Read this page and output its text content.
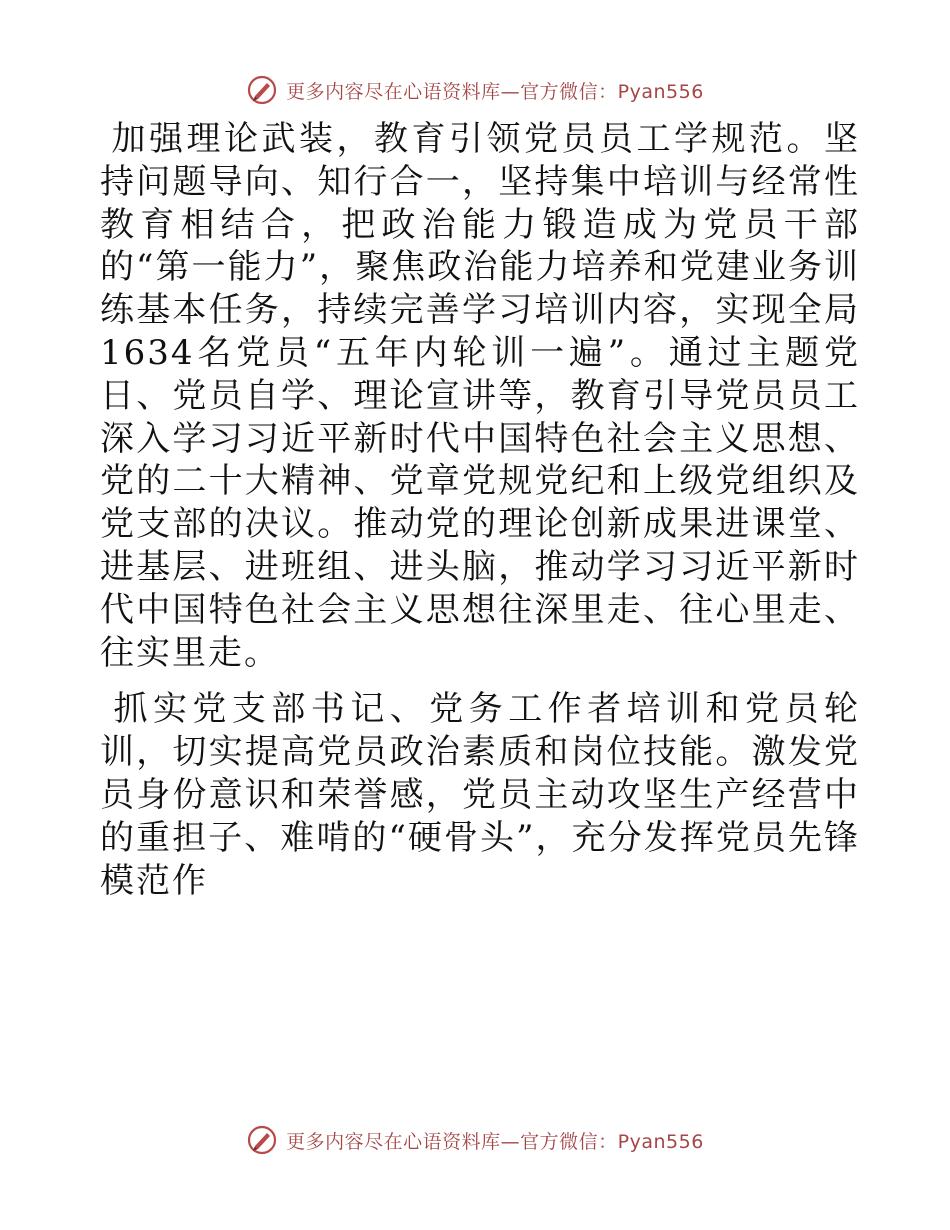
更多内容尽在心语资料库—官方微信：Pyan556

加强理论武装，教育引领党员员工学规范。坚持问题导向、知行合一，坚持集中培训与经常性教育相结合，把政治能力锻造成为党员干部的“第一能力”，聚焦政治能力培养和党建业务训练基本任务，持续完善学习培训内容，实现全局1634名党员“五年内轮训一遍”。通过主题党日、党员自学、理论宣讲等，教育引导党员员工深入学习习近平新时代中国特色社会主义思想、党的二十大精神、党章党规党纪和上级党组织及党支部的决议。推动党的理论创新成果进课堂、进基层、进班组、进头脑，推动学习习近平新时代中国特色社会主义思想往深里走、往心里走、往实里走。

抓实党支部书记、党务工作者培训和党员轮训，切实提高党员政治素质和岗位技能。激发党员身份意识和荣誉感，党员主动攻坚生产经营中的重担子、难啃的“硬骨头”，充分发挥党员先锋模范作

更多内容尽在心语资料库—官方微信：Pyan556
